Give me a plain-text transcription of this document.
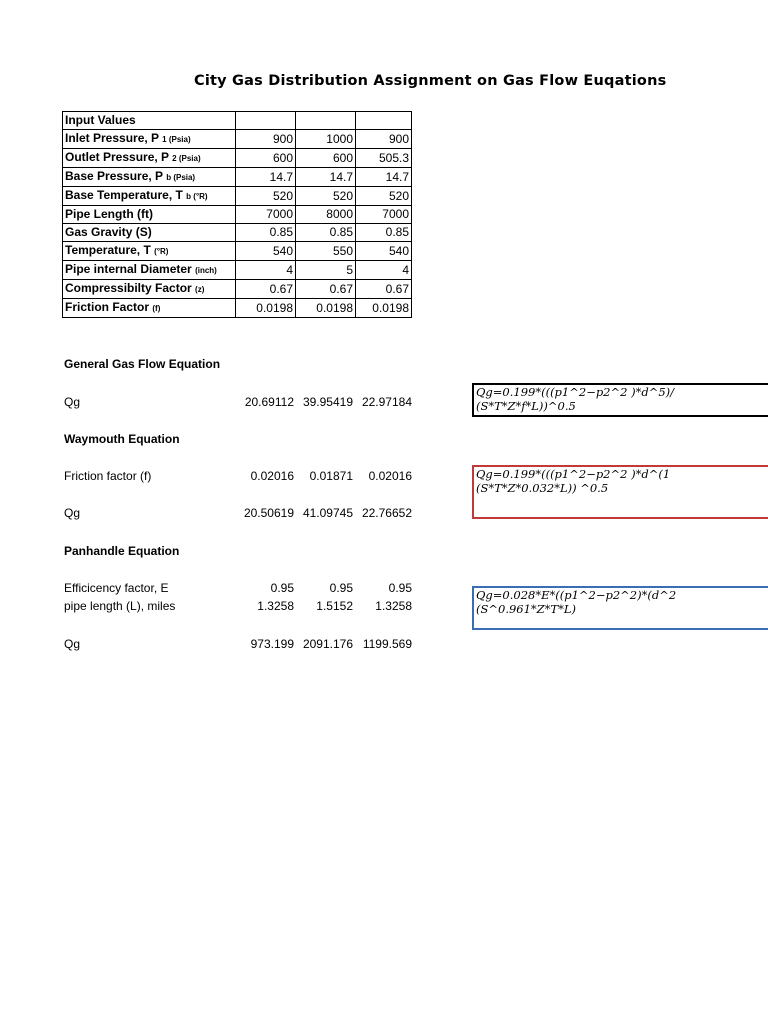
City Gas Distribution Assignment on Gas Flow Euqations
Input Values			
Inlet Pressure, P 1 (Psia)	900	1000	900
Outlet Pressure, P 2 (Psia)	600	600	505.3
Base Pressure, P b (Psia)	14.7	14.7	14.7
Base Temperature, T b (°R)	520	520	520
Pipe Length (ft)	7000	8000	7000
Gas Gravity (S)	0.85	0.85	0.85
Temperature, T (°R)	540	550	540
Pipe internal Diameter (inch)	4	5	4
Compressibilty Factor (z)	0.67	0.67	0.67
Friction Factor (f)	0.0198	0.0198	0.0198
General Gas Flow Equation
Qg	20.69112 39.95419 22.97184
Qg=0.199*(((p1^2−p2^2 )*d^5)/
(S*T*Z*f*L))^0.5
Waymouth Equation
Friction factor (f)	0.02016 0.01871 0.02016
Qg	20.50619 41.09745 22.76652
Qg=0.199*(((p1^2−p2^2 )*d^(1
(S*T*Z*0.032*L)) ^0.5
Panhandle Equation
Efficicency factor, E	0.95	0.95	0.95
pipe length (L), miles	1.3258 1.5152 1.3258
Qg	973.199 2091.176 1199.569
Qg=0.028*E*((p1^2−p2^2)*(d^2
(S^0.961*Z*T*L)
